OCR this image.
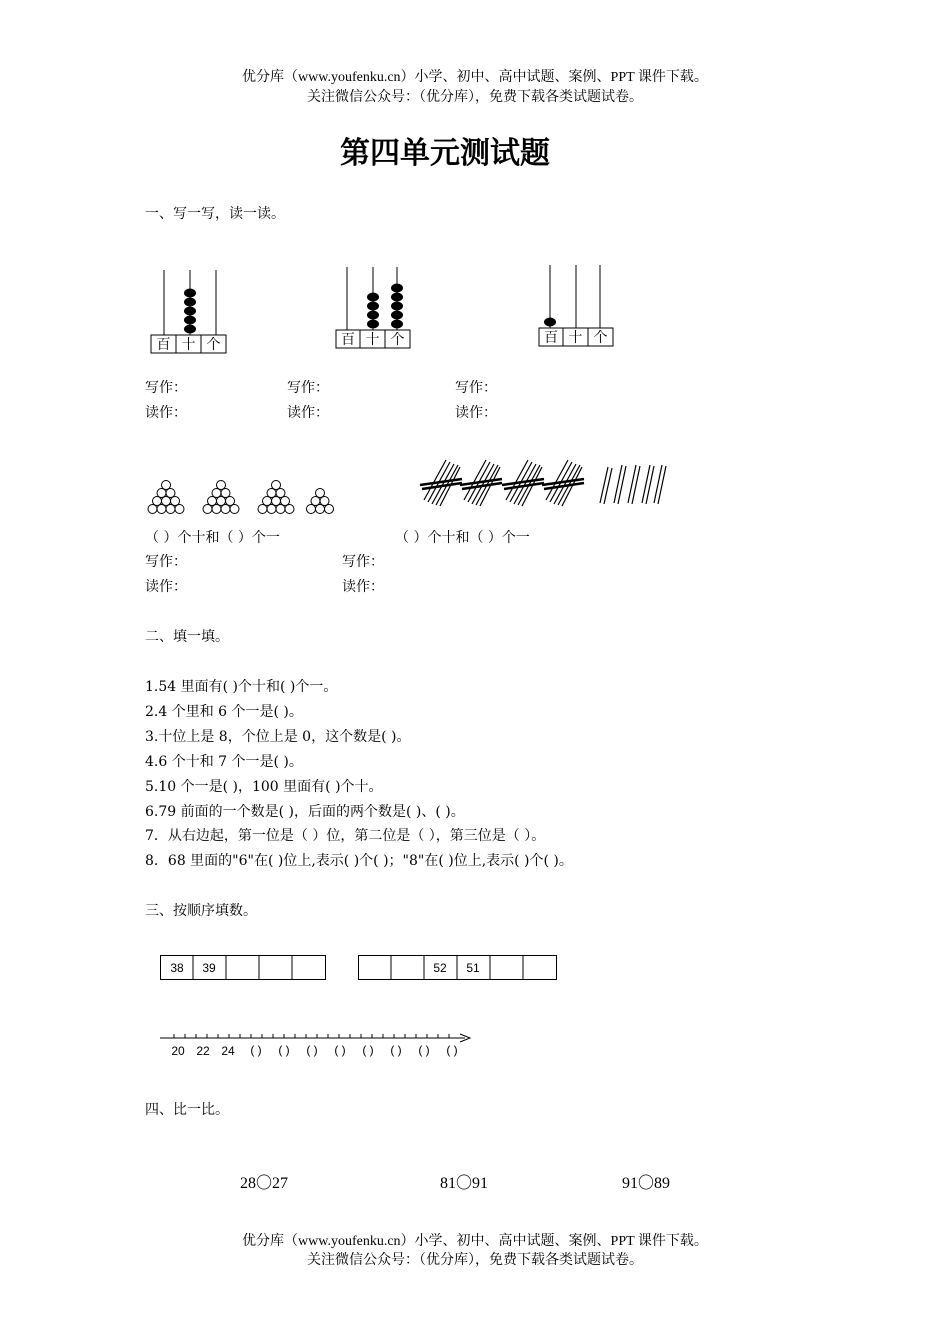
优分库（www.youfenku.cn）小学、初中、高中试题、案例、PPT 课件下载。
关注微信公众号：（优分库），免费下载各类试题试卷。
第四单元测试题
一、写一写，读一读。
百 十 个	百 十 个	百 十 个
写作：	写作：	写作：
读作：	读作：	读作：
（ ）个十和（ ）个一	（ ）个十和（ ）个一
写作：	写作：
读作：	读作：
二、填一填。
1.54 里面有( )个十和( )个一。
2.4 个里和 6 个一是( )。
3.十位上是 8，个位上是 0，这个数是( )。
4.6 个十和 7 个一是( )。
5.10 个一是( )，100 里面有( )个十。
6.79 前面的一个数是( )，后面的两个数是( )、( )。
7．从右边起，第一位是（ ）位，第二位是（ ），第三位是（ ）。
8．68 里面的"6"在( )位上,表示( )个( )；"8"在( )位上,表示( )个( )。
三、按顺序填数。
38 39	52 51
20 22 24 ( ) ( ) ( ) ( ) ( ) ( ) ( ) ( )
四、比一比。
28〇27	81〇91	91〇89
优分库（www.youfenku.cn）小学、初中、高中试题、案例、PPT 课件下载。
关注微信公众号：（优分库），免费下载各类试题试卷。
